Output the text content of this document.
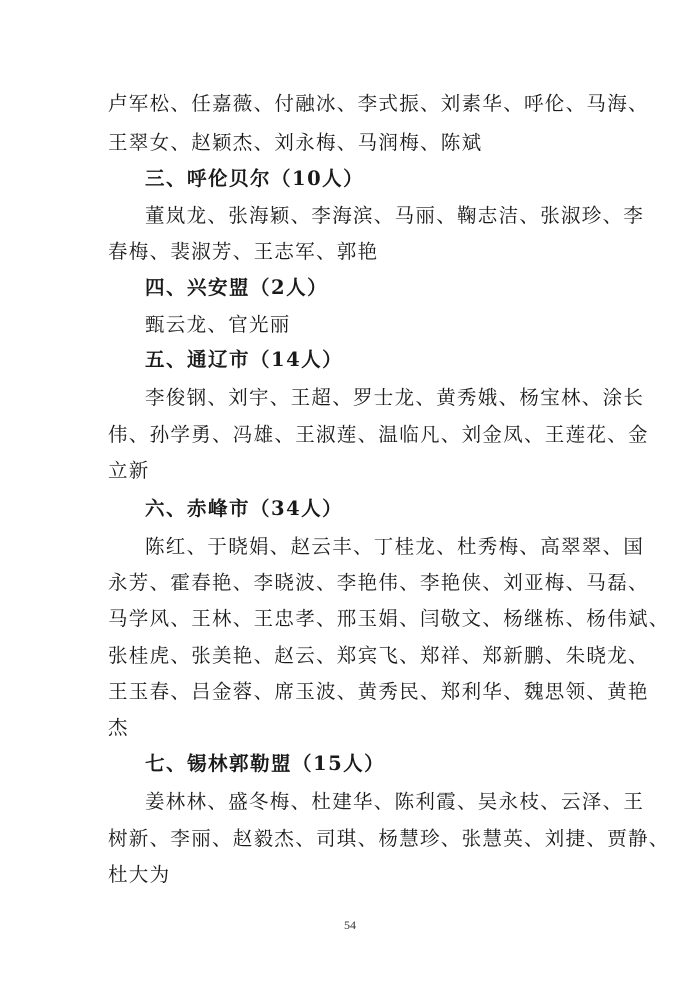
卢军松、任嘉薇、付融冰、李式振、刘素华、呼伦、马海、
王翠女、赵颖杰、刘永梅、马润梅、陈斌
三、呼伦贝尔（10人）
董岚龙、张海颖、李海滨、马丽、鞠志洁、张淑珍、李
春梅、裴淑芳、王志军、郭艳
四、兴安盟（2人）
甄云龙、官光丽
五、通辽市（14人）
李俊钢、刘宇、王超、罗士龙、黄秀娥、杨宝林、涂长
伟、孙学勇、冯雄、王淑莲、温临凡、刘金凤、王莲花、金
立新
六、赤峰市（34人）
陈红、于晓娟、赵云丰、丁桂龙、杜秀梅、高翠翠、国
永芳、霍春艳、李晓波、李艳伟、李艳侠、刘亚梅、马磊、
马学风、王林、王忠孝、邢玉娟、闫敬文、杨继栋、杨伟斌、
张桂虎、张美艳、赵云、郑宾飞、郑祥、郑新鹏、朱晓龙、
王玉春、吕金蓉、席玉波、黄秀民、郑利华、魏思领、黄艳
杰
七、锡林郭勒盟（15人）
姜林林、盛冬梅、杜建华、陈利霞、吴永枝、云泽、王
树新、李丽、赵毅杰、司琪、杨慧珍、张慧英、刘捷、贾静、
杜大为
54
